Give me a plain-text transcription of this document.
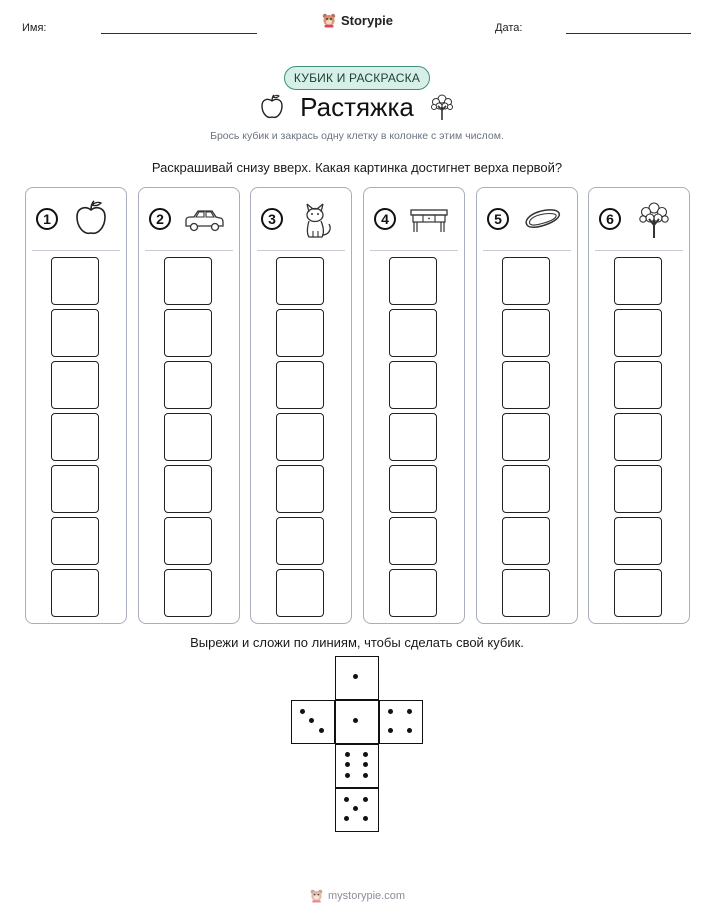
Имя:
Storypie
Дата:
КУБИК И РАСКРАСКА
Растяжка
Брось кубик и закрась одну клетку в колонке с этим числом.
Раскрашивай снизу вверх. Какая картинка достигнет верха первой?
1	2	3	4	5	6
Вырежи и сложи по линиям, чтобы сделать свой кубик.
mystorypie.com
